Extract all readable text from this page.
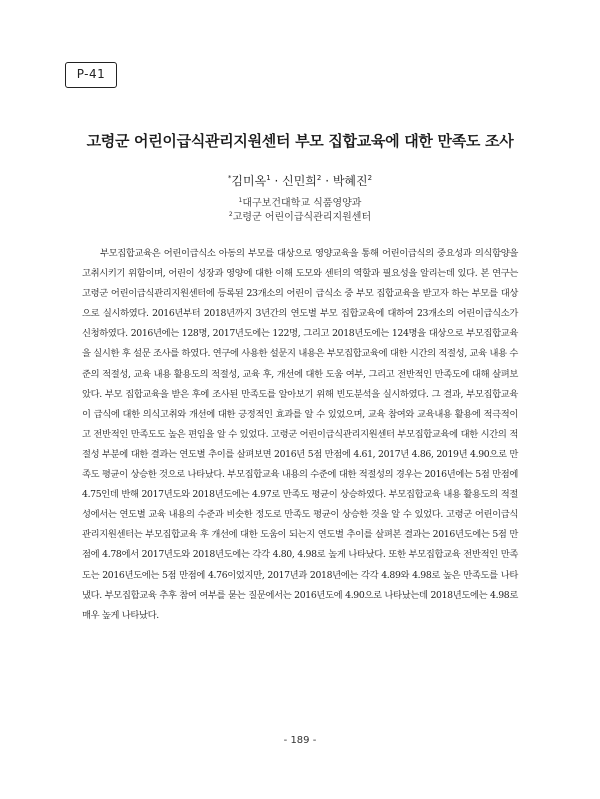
P-41
고령군 어린이급식관리지원센터 부모 집합교육에 대한 만족도 조사
*김미옥$^1$ · 신민희$^2$ · 박혜진$^2$
$^1$대구보건대학교 식품영양과
$^2$고령군 어린이급식관리지원센터

부모집합교육은 어린이급식소 아동의 부모를 대상으로 영양교육을 통해 어린이급식의 중요성과 의식함양을 고취시키기 위함이며, 어린이 성장과 영양에 대한 이해 도모와 센터의 역할과 필요성을 알리는데 있다. 본 연구는 고령군 어린이급식관리지원센터에 등록된 23개소의 어린이 급식소 중 부모 집합교육을 받고자 하는 부모를 대상으로 실시하였다. 2016년부터 2018년까지 3년간의 연도별 부모 집합교육에 대하여 23개소의 어린이급식소가 신청하였다. 2016년에는 128명, 2017년도에는 122명, 그리고 2018년도에는 124명을 대상으로 부모집합교육을 실시한 후 설문 조사를 하였다. 연구에 사용한 설문지 내용은 부모집합교육에 대한 시간의 적절성, 교육 내용 수준의 적절성, 교육 내용 활용도의 적절성, 교육 후, 개선에 대한 도움 여부, 그리고 전반적인 만족도에 대해 살펴보았다. 부모 집합교육을 받은 후에 조사된 만족도를 알아보기 위해 빈도분석을 실시하였다. 그 결과, 부모집합교육이 급식에 대한 의식고취와 개선에 대한 긍정적인 효과를 알 수 있었으며, 교육 참여와 교육내용 활용에 적극적이고 전반적인 만족도도 높은 편임을 알 수 있었다. 고령군 어린이급식관리지원센터 부모집합교육에 대한 시간의 적절성 부분에 대한 결과는 연도별 추이를 살펴보면 2016년 5점 만점에 4.61, 2017년 4.86, 2019년 4.90으로 만족도 평균이 상승한 것으로 나타났다. 부모집합교육 내용의 수준에 대한 적절성의 경우는 2016년에는 5점 만점에 4.75인데 반해 2017년도와 2018년도에는 4.97로 만족도 평균이 상승하였다. 부모집합교육 내용 활용도의 적절성에서는 연도별 교육 내용의 수준과 비슷한 정도로 만족도 평균이 상승한 것을 알 수 있었다. 고령군 어린이급식관리지원센터는 부모집합교육 후 개선에 대한 도움이 되는지 연도별 추이를 살펴본 결과는 2016년도에는 5점 만점에 4.78에서 2017년도와 2018년도에는 각각 4.80, 4.98로 높게 나타났다. 또한 부모집합교육 전반적인 만족도는 2016년도에는 5점 만점에 4.76이었지만, 2017년과 2018년에는 각각 4.89와 4.98로 높은 만족도를 나타냈다. 부모집합교육 추후 참여 여부를 묻는 질문에서는 2016년도에 4.90으로 나타났는데 2018년도에는 4.98로 매우 높게 나타났다.

- 189 -
